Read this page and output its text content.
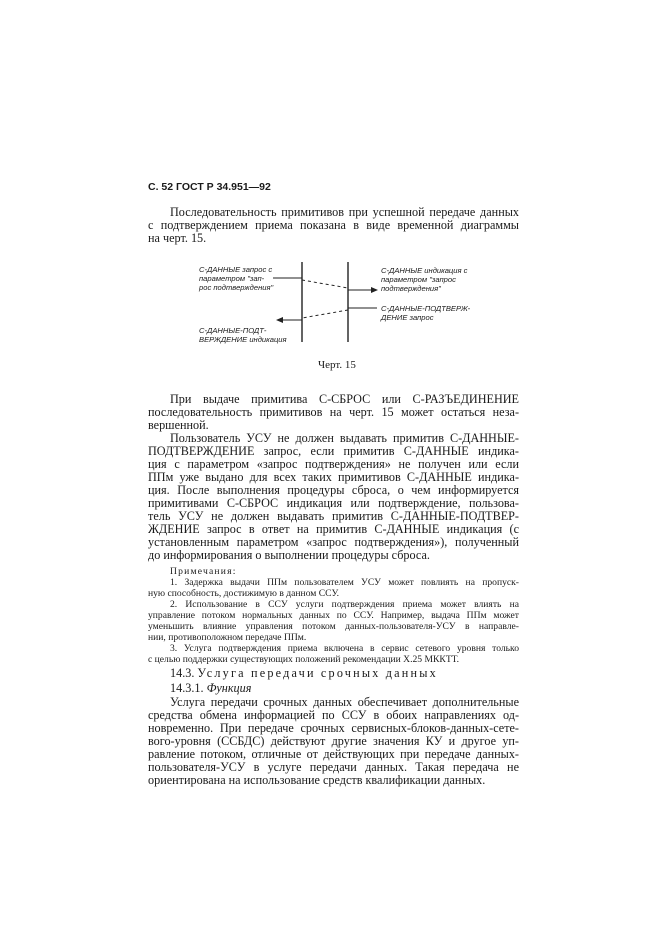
С. 52 ГОСТ Р 34.951—92
Последовательность примитивов при успешной передаче данных
с подтверждением приема показана в виде временной диаграммы
на черт. 15.
С-ДАННЫЕ запрос с
параметром "зап-
рос подтверждения"
С-ДАННЫЕ индикация с
параметром "запрос
подтверждения"
С-ДАННЫЕ-ПОДТВЕРЖ-
ДЕНИЕ запрос
С-ДАННЫЕ-ПОДТ-
ВЕРЖДЕНИЕ индикация
Черт. 15
При выдаче примитива С-СБРОС или С-РАЗЪЕДИНЕНИЕ
последовательность примитивов на черт. 15 может остаться неза-
вершенной.
Пользователь УСУ не должен выдавать примитив С-ДАННЫЕ-
ПОДТВЕРЖДЕНИЕ запрос, если примитив С-ДАННЫЕ индика-
ция с параметром «запрос подтверждения» не получен или если
ППм уже выдано для всех таких примитивов С-ДАННЫЕ индика-
ция. После выполнения процедуры сброса, о чем информируется
примитивами С-СБРОС индикация или подтверждение, пользова-
тель УСУ не должен выдавать примитив С-ДАННЫЕ-ПОДТВЕР-
ЖДЕНИЕ запрос в ответ на примитив С-ДАННЫЕ индикация (с
установленным параметром «запрос подтверждения»), полученный
до информирования о выполнении процедуры сброса.
Примечания:
1. Задержка выдачи ППм пользователем УСУ может повлиять на пропуск-
ную способность, достижимую в данном ССУ.
2. Использование в ССУ услуги подтверждения приема может влиять на
управление потоком нормальных данных по ССУ. Например, выдача ППм может
уменьшить влияние управления потоком данных-пользователя-УСУ в направле-
нии, противоположном передаче ППм.
3. Услуга подтверждения приема включена в сервис сетевого уровня только
с целью поддержки существующих положений рекомендации Х.25 МККТТ.
14.3. Услуга передачи срочных данных
14.3.1. Функция
Услуга передачи срочных данных обеспечивает дополнительные
средства обмена информацией по ССУ в обоих направлениях од-
новременно. При передаче срочных сервисных-блоков-данных-сете-
вого-уровня (ССБДС) действуют другие значения КУ и другое уп-
равление потоком, отличные от действующих при передаче данных-
пользователя-УСУ в услуге передачи данных. Такая передача не
ориентирована на использование средств квалификации данных.
